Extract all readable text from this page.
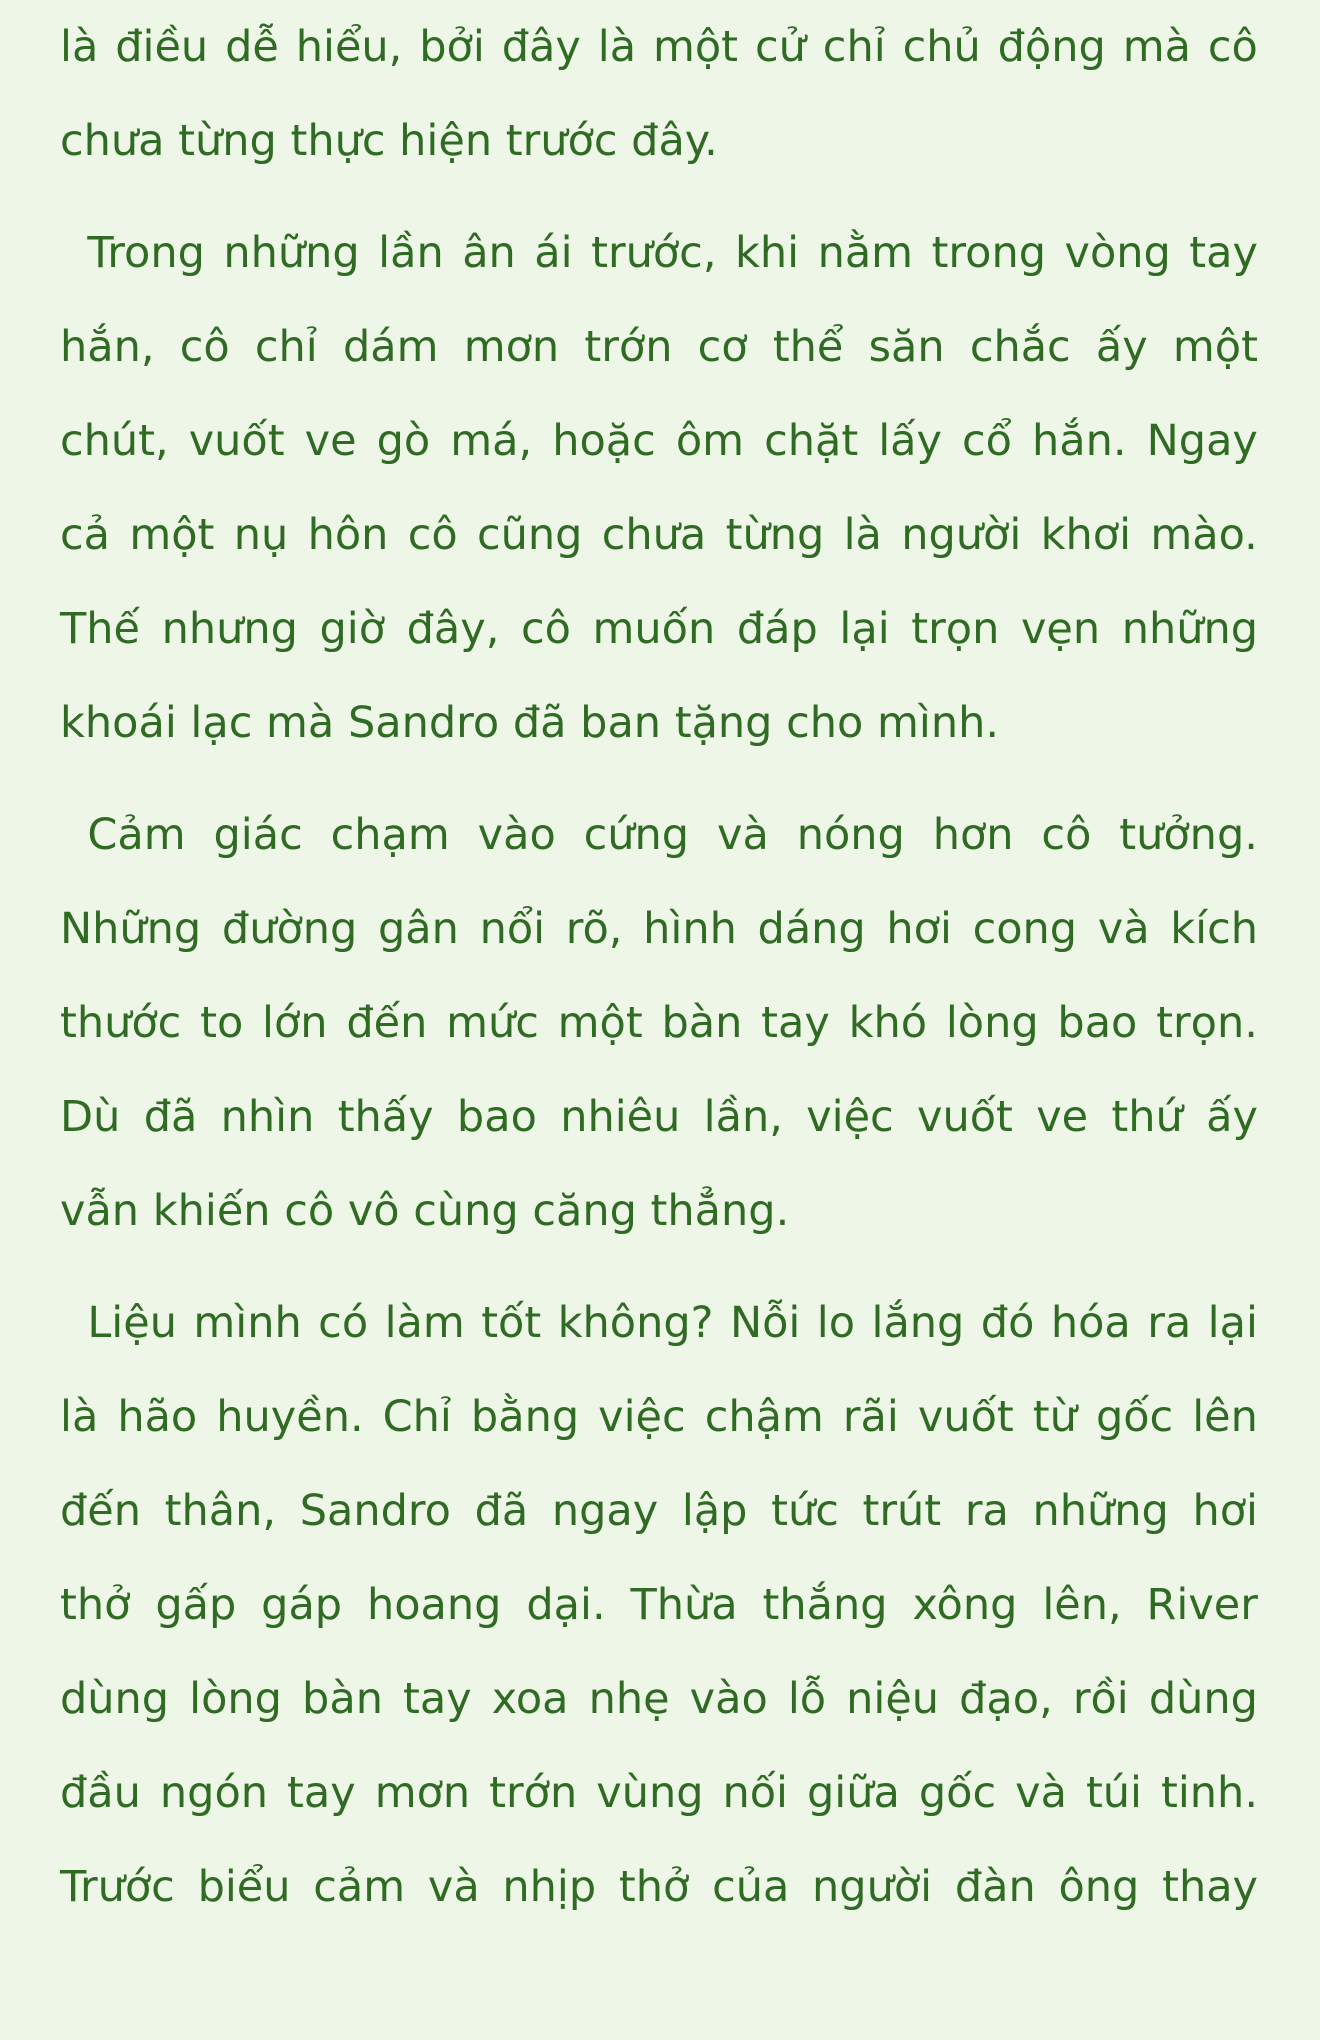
là điều dễ hiểu, bởi đây là một cử chỉ chủ động mà cô
chưa từng thực hiện trước đây.
Trong những lần ân ái trước, khi nằm trong vòng tay
hắn, cô chỉ dám mơn trớn cơ thể săn chắc ấy một
chút, vuốt ve gò má, hoặc ôm chặt lấy cổ hắn. Ngay
cả một nụ hôn cô cũng chưa từng là người khơi mào.
Thế nhưng giờ đây, cô muốn đáp lại trọn vẹn những
khoái lạc mà Sandro đã ban tặng cho mình.
Cảm giác chạm vào cứng và nóng hơn cô tưởng.
Những đường gân nổi rõ, hình dáng hơi cong và kích
thước to lớn đến mức một bàn tay khó lòng bao trọn.
Dù đã nhìn thấy bao nhiêu lần, việc vuốt ve thứ ấy
vẫn khiến cô vô cùng căng thẳng.
Liệu mình có làm tốt không? Nỗi lo lắng đó hóa ra lại
là hão huyền. Chỉ bằng việc chậm rãi vuốt từ gốc lên
đến thân, Sandro đã ngay lập tức trút ra những hơi
thở gấp gáp hoang dại. Thừa thắng xông lên, River
dùng lòng bàn tay xoa nhẹ vào lỗ niệu đạo, rồi dùng
đầu ngón tay mơn trớn vùng nối giữa gốc và túi tinh.
Trước biểu cảm và nhịp thở của người đàn ông thay
